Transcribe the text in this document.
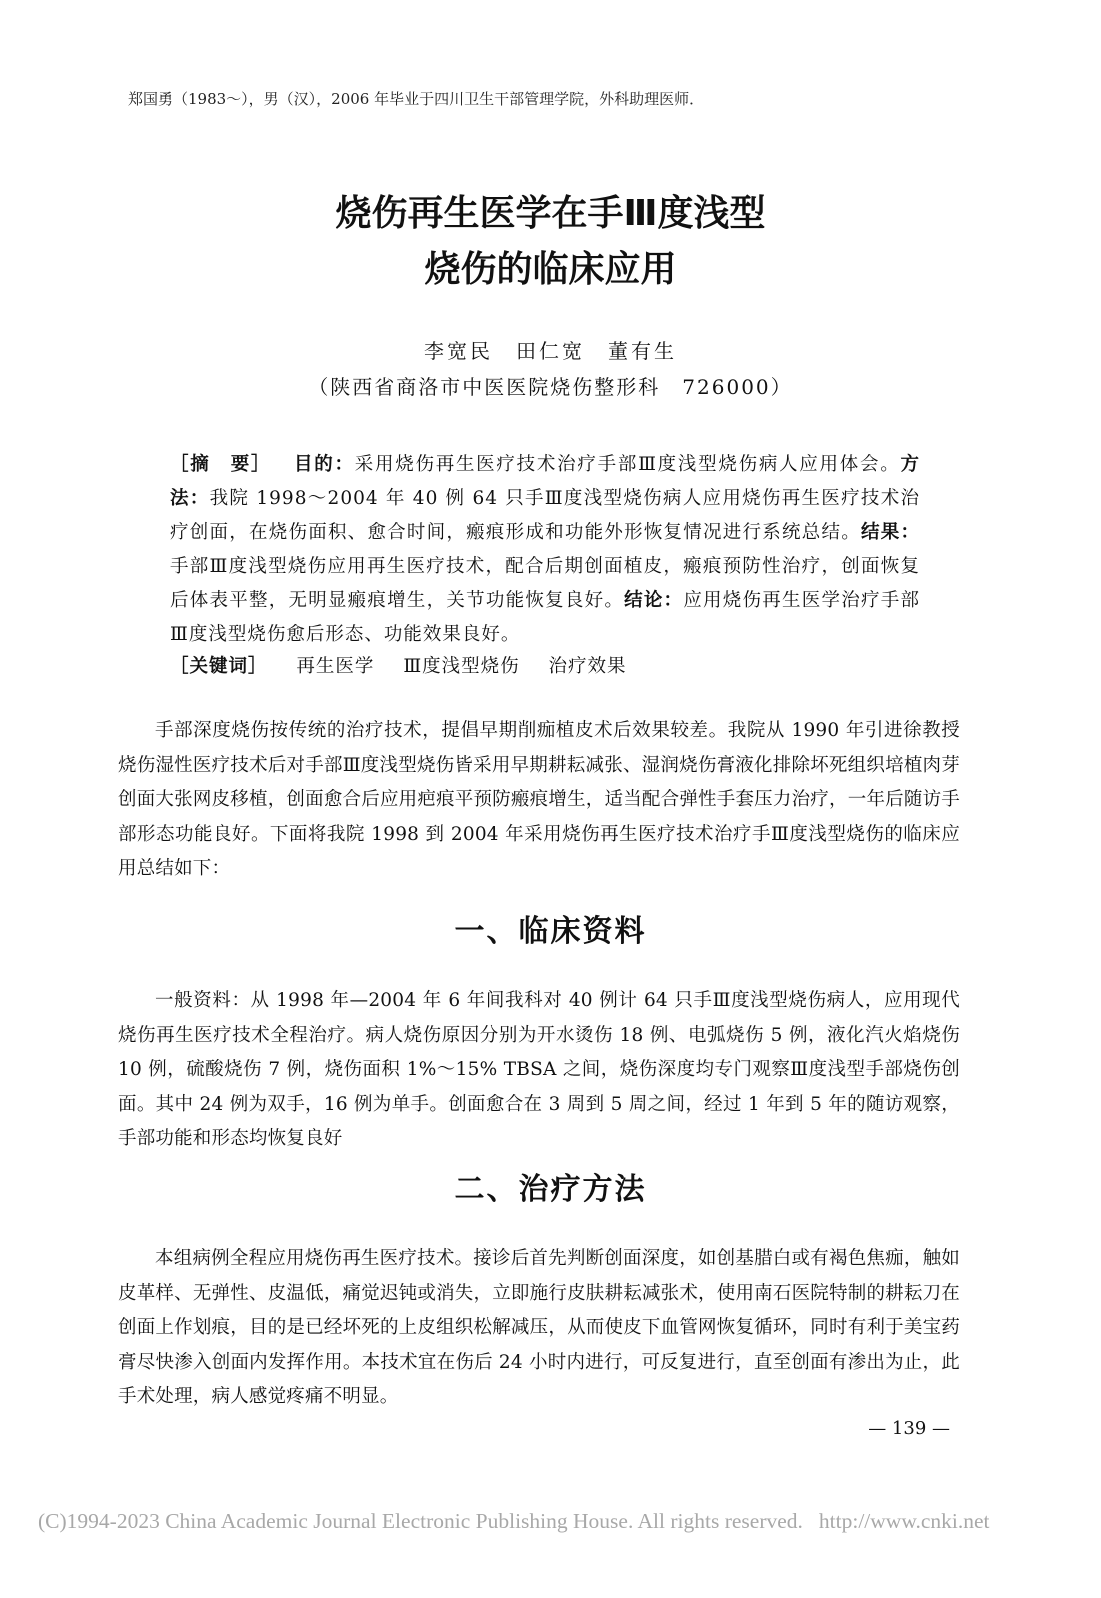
郑国勇（1983～），男（汉），2006 年毕业于四川卫生干部管理学院，外科助理医师．
烧伤再生医学在手Ⅲ度浅型
烧伤的临床应用
李宽民　田仁宽　董有生
（陕西省商洛市中医医院烧伤整形科　726000）
［摘　要］ 目的：采用烧伤再生医疗技术治疗手部Ⅲ度浅型烧伤病人应用体会。方法：我院 1998～2004 年 40 例 64 只手Ⅲ度浅型烧伤病人应用烧伤再生医疗技术治疗创面，在烧伤面积、愈合时间，瘢痕形成和功能外形恢复情况进行系统总结。结果：手部Ⅲ度浅型烧伤应用再生医疗技术，配合后期创面植皮，瘢痕预防性治疗，创面恢复后体表平整，无明显瘢痕增生，关节功能恢复良好。结论：应用烧伤再生医学治疗手部Ⅲ度浅型烧伤愈后形态、功能效果良好。
［关键词］ 再生医学 Ⅲ度浅型烧伤 治疗效果
手部深度烧伤按传统的治疗技术，提倡早期削痂植皮术后效果较差。我院从 1990 年引进徐教授烧伤湿性医疗技术后对手部Ⅲ度浅型烧伤皆采用早期耕耘减张、湿润烧伤膏液化排除坏死组织培植肉芽创面大张网皮移植，创面愈合后应用疤痕平预防瘢痕增生，适当配合弹性手套压力治疗，一年后随访手部形态功能良好。下面将我院 1998 到 2004 年采用烧伤再生医疗技术治疗手Ⅲ度浅型烧伤的临床应用总结如下：
一、临床资料
一般资料：从 1998 年—2004 年 6 年间我科对 40 例计 64 只手Ⅲ度浅型烧伤病人，应用现代烧伤再生医疗技术全程治疗。病人烧伤原因分别为开水烫伤 18 例、电弧烧伤 5 例，液化汽火焰烧伤 10 例，硫酸烧伤 7 例，烧伤面积 1%～15% TBSA 之间，烧伤深度均专门观察Ⅲ度浅型手部烧伤创面。其中 24 例为双手，16 例为单手。创面愈合在 3 周到 5 周之间，经过 1 年到 5 年的随访观察，手部功能和形态均恢复良好
二、治疗方法
本组病例全程应用烧伤再生医疗技术。接诊后首先判断创面深度，如创基腊白或有褐色焦痂，触如皮革样、无弹性、皮温低，痛觉迟钝或消失，立即施行皮肤耕耘减张术，使用南石医院特制的耕耘刀在创面上作划痕，目的是已经坏死的上皮组织松解减压，从而使皮下血管网恢复循环，同时有利于美宝药膏尽快渗入创面内发挥作用。本技术宜在伤后 24 小时内进行，可反复进行，直至创面有渗出为止，此手术处理，病人感觉疼痛不明显。
— 139 —
(C)1994-2023 China Academic Journal Electronic Publishing House. All rights reserved. http://www.cnki.net
